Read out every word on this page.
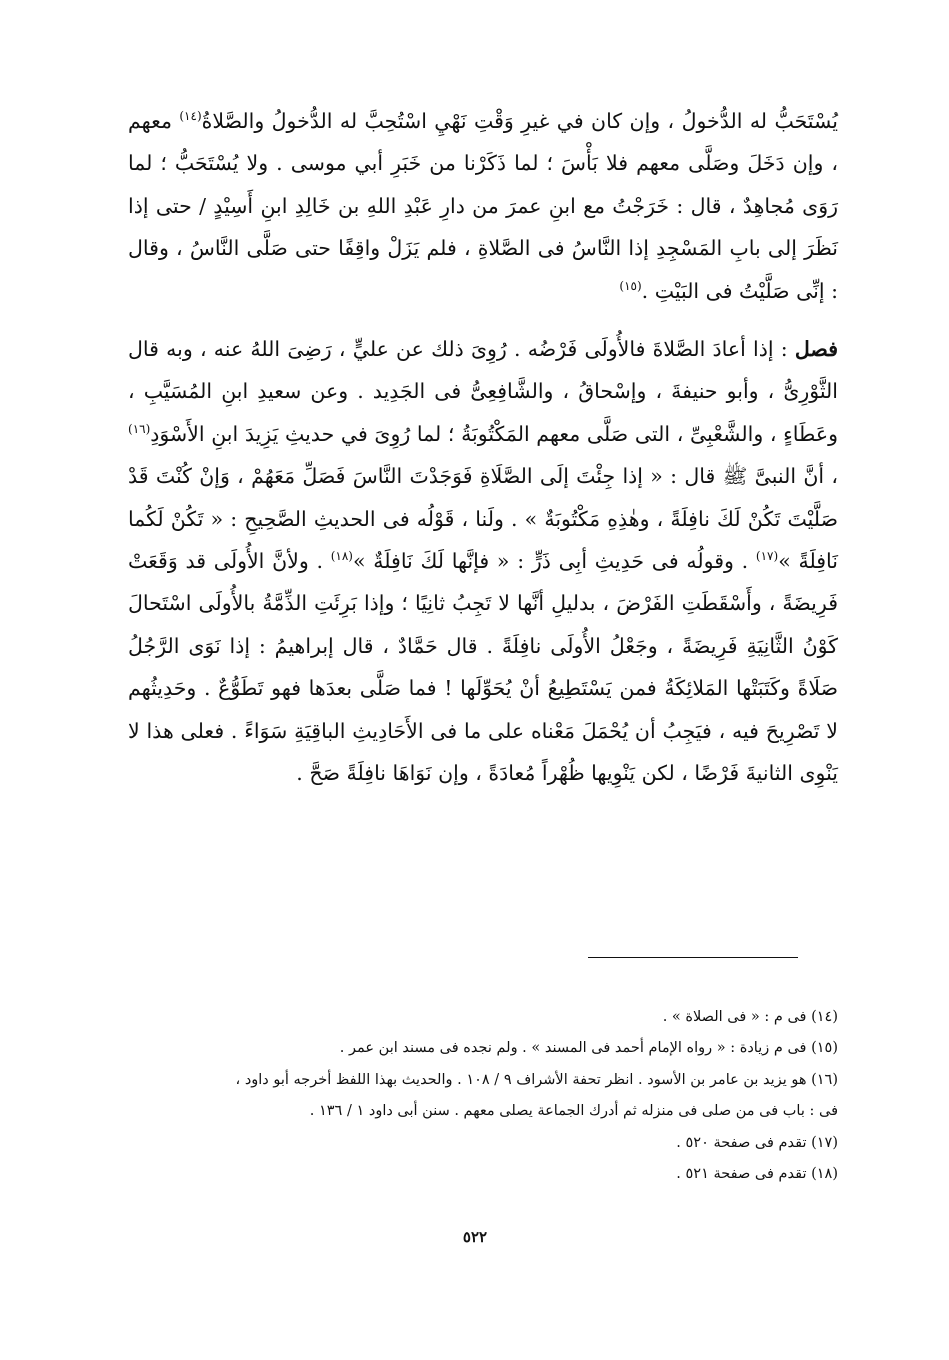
يُسْتَحَبُّ له الدُّخولُ ، وإن كان في غيرِ وَقْتِ نَهْيِ اسْتُحِبَّ له الدُّخولُ والصَّلاةُ$^{(١٤)}$ معهم ، وإن دَخَلَ وصَلَّى معهم فلا بَأْسَ ؛ لما ذَكَرْنا من خَبَرِ أبي موسى . ولا يُسْتَحَبُّ ؛ لما رَوَى مُجاهِدٌ ، قال : خَرَجْتُ مع ابنِ عمرَ من دارِ عَبْدِ اللهِ بن خَالِدِ ابنِ أَسِيْدٍ / حتى إذا نَظَرَ إلى بابِ المَسْجِدِ إذا النَّاسُ فى الصَّلاةِ ، فلم يَزَلْ واقِفًا حتى صَلَّى النَّاسُ ، وقال : إنِّى صَلَّيْتُ فى البَيْتِ .$^{(١٥)}$

فصل : إذا أعادَ الصَّلاةَ فالأُولَى فَرْضُه . رُوِىَ ذلك عن عليٍّ ، رَضِىَ اللهُ عنه ، وبه قال الثَّوْرِىُّ ، وأبو حنيفةَ ، وإسْحاقُ ، والشَّافِعِىُّ فى الجَدِيد . وعن سعيدِ ابنِ المُسَيَّبِ ، وعَطَاءٍ ، والشَّعْبِىِّ ، التى صَلَّى معهم المَكْتُوبَةُ ؛ لما رُوِىَ في حديثِ يَزِيدَ ابنِ الأَسْوَدِ$^{(١٦)}$ ، أنَّ النبىَّ ﷺ قال : « إذا جِئْتَ إلَى الصَّلَاةِ فَوَجَدْتَ النَّاسَ فَصَلِّ مَعَهُمْ ، وَإنْ كُنْتَ قَدْ صَلَّيْتَ تَكُنْ لَكَ نافِلَةً ، وهٰذِهِ مَكْتُوبَةٌ » . ولَنا ، قَوْلُه فى الحديثِ الصَّحِيحِ : « تَكُنْ لَكُما نَافِلَةً »$^{(١٧)}$ . وقولُه فى حَدِيثِ أبِى ذَرٍّ : « فإنَّها لَكَ نَافِلَةٌ »$^{(١٨)}$ . ولأنَّ الأُولَى قد وَقَعَتْ فَرِيضَةً ، وأَسْقَطَتِ الفَرْضَ ، بدليلِ أنَّها لا تَجِبُ ثانِيًا ؛ وإذا بَرِئَتِ الذِّمَّةُ بالأُولَى اسْتَحالَ كَوْنُ الثَّانِيَةِ فَرِيضَةً ، وجَعْلُ الأُولَى نافِلَةً . قال حَمَّادٌ ، قال إبراهيمُ : إذا نَوَى الرَّجُلُ صَلَاةً وكَتَبَتْها المَلائِكَةُ فمن يَسْتَطِيعُ أنْ يُحَوِّلَها ! فما صَلَّى بعدَها فهو تَطَوُّعٌ . وحَدِيثُهم لا تَصْرِيحَ فيه ، فيَجِبُ أن يُحْمَلَ مَعْناه على ما فى الأَحَادِيثِ الباقِيَةِ سَوَاءً . فعلى هذا لا يَنْوِى الثانيةَ فَرْضًا ، لكن يَنْوِيها ظُهْراً مُعادَةً ، وإن نَوَاهَا نافِلَةً صَحَّ .

(١٤) فى م : « فى الصلاة » .

(١٥) فى م زيادة : « رواه الإمام أحمد فى المسند » . ولم نجده فى مسند ابن عمر .

(١٦) هو يزيد بن عامر بن الأسود . انظر تحفة الأشراف ٩ / ١٠٨ . والحديث بهذا اللفظ أخرجه أبو داود ،

فى : باب فى من صلى فى منزله ثم أدرك الجماعة يصلى معهم . سنن أبى داود ١ / ١٣٦ .

(١٧) تقدم فى صفحة ٥٢٠ .

(١٨) تقدم فى صفحة ٥٢١ .

٥٢٢
